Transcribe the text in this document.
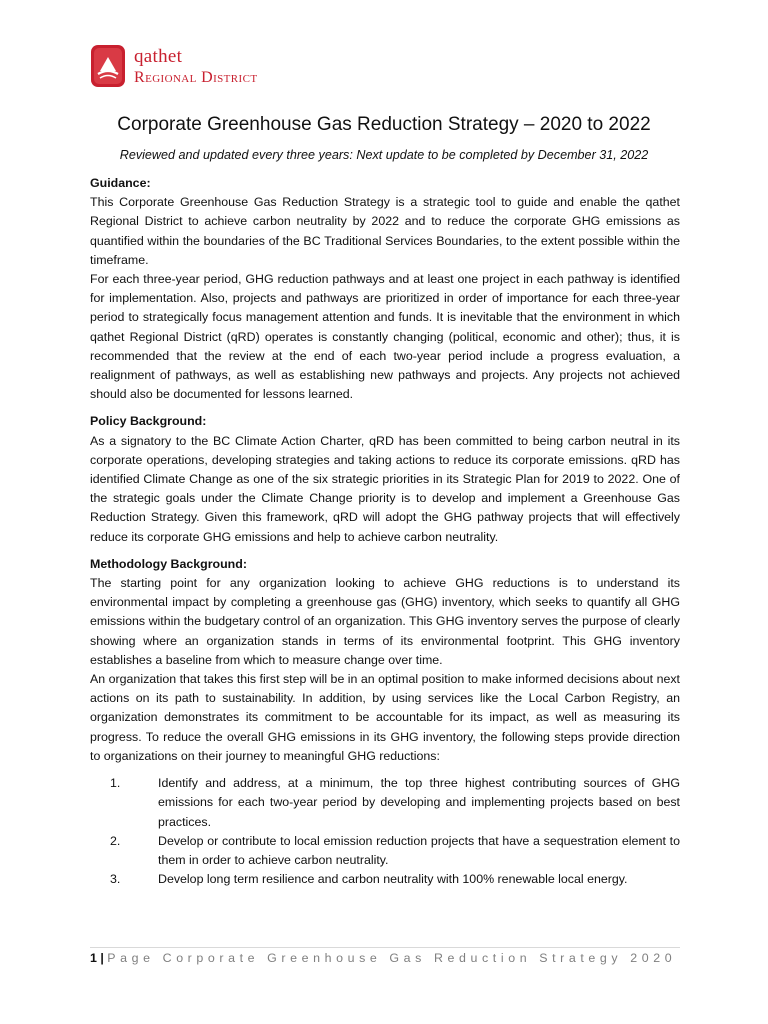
qathet
Regional District
Corporate Greenhouse Gas Reduction Strategy – 2020 to 2022
Reviewed and updated every three years: Next update to be completed by December 31, 2022
Guidance:

This Corporate Greenhouse Gas Reduction Strategy is a strategic tool to guide and enable the qathet Regional District to achieve carbon neutrality by 2022 and to reduce the corporate GHG emissions as quantified within the boundaries of the BC Traditional Services Boundaries, to the extent possible within the timeframe.

For each three-year period, GHG reduction pathways and at least one project in each pathway is identified for implementation. Also, projects and pathways are prioritized in order of importance for each three-year period to strategically focus management attention and funds. It is inevitable that the environment in which qathet Regional District (qRD) operates is constantly changing (political, economic and other); thus, it is recommended that the review at the end of each two-year period include a progress evaluation, a realignment of pathways, as well as establishing new pathways and projects. Any projects not achieved should also be documented for lessons learned.

Policy Background:

As a signatory to the BC Climate Action Charter, qRD has been committed to being carbon neutral in its corporate operations, developing strategies and taking actions to reduce its corporate emissions. qRD has identified Climate Change as one of the six strategic priorities in its Strategic Plan for 2019 to 2022. One of the strategic goals under the Climate Change priority is to develop and implement a Greenhouse Gas Reduction Strategy. Given this framework, qRD will adopt the GHG pathway projects that will effectively reduce its corporate GHG emissions and help to achieve carbon neutrality.

Methodology Background:

The starting point for any organization looking to achieve GHG reductions is to understand its environmental impact by completing a greenhouse gas (GHG) inventory, which seeks to quantify all GHG emissions within the budgetary control of an organization. This GHG inventory serves the purpose of clearly showing where an organization stands in terms of its environmental footprint. This GHG inventory establishes a baseline from which to measure change over time.

An organization that takes this first step will be in an optimal position to make informed decisions about next actions on its path to sustainability. In addition, by using services like the Local Carbon Registry, an organization demonstrates its commitment to be accountable for its impact, as well as measuring its progress. To reduce the overall GHG emissions in its GHG inventory, the following steps provide direction to organizations on their journey to meaningful GHG reductions:

1.	Identify and address, at a minimum, the top three highest contributing sources of GHG emissions for each two-year period by developing and implementing projects based on best practices.
2.	Develop or contribute to local emission reduction projects that have a sequestration element to them in order to achieve carbon neutrality.
3.	Develop long term resilience and carbon neutrality with 100% renewable local energy.
1 | Page Corporate Greenhouse Gas Reduction Strategy 2020
